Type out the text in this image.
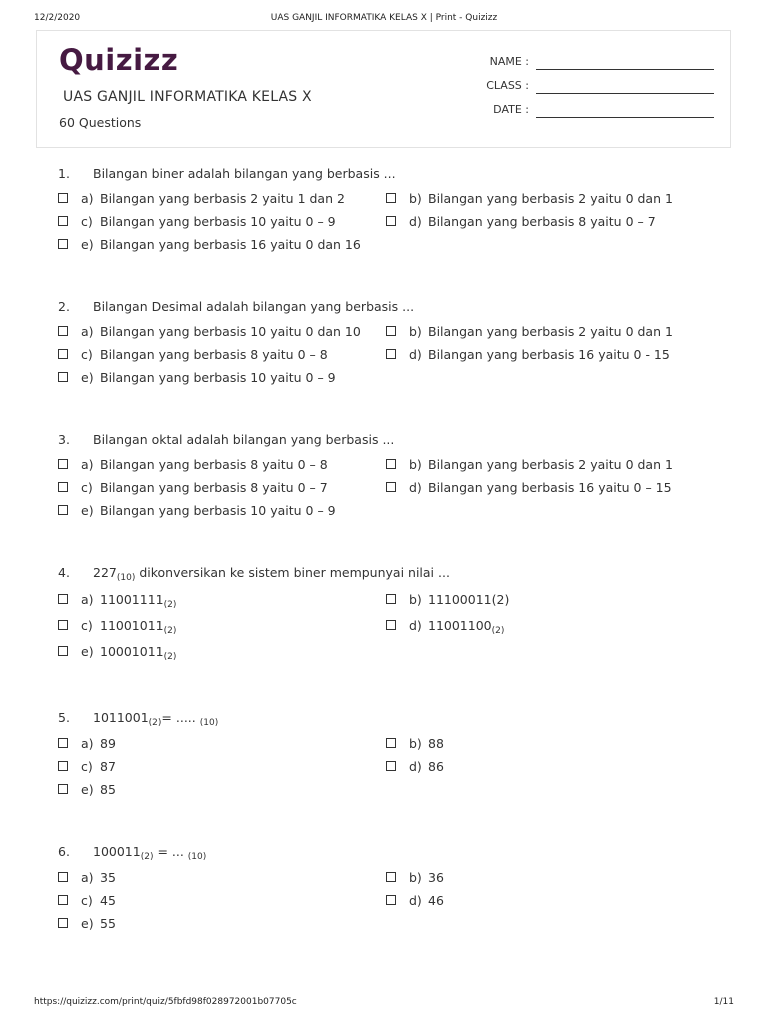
12/2/2020	UAS GANJIL INFORMATIKA KELAS X | Print - Quizizz
Quizizz
UAS GANJIL INFORMATIKA KELAS X
60 Questions
NAME :
CLASS :
DATE :
1. Bilangan biner adalah bilangan yang berbasis ...
a) Bilangan yang berbasis 2 yaitu 1 dan 2	b) Bilangan yang berbasis 2 yaitu 0 dan 1
c) Bilangan yang berbasis 10 yaitu 0 – 9	d) Bilangan yang berbasis 8 yaitu 0 – 7
e) Bilangan yang berbasis 16 yaitu 0 dan 16
2. Bilangan Desimal adalah bilangan yang berbasis ...
a) Bilangan yang berbasis 10 yaitu 0 dan 10	b) Bilangan yang berbasis 2 yaitu 0 dan 1
c) Bilangan yang berbasis 8 yaitu 0 – 8	d) Bilangan yang berbasis 16 yaitu 0 - 15
e) Bilangan yang berbasis 10 yaitu 0 – 9
3. Bilangan oktal adalah bilangan yang berbasis ...
a) Bilangan yang berbasis 8 yaitu 0 – 8	b) Bilangan yang berbasis 2 yaitu 0 dan 1
c) Bilangan yang berbasis 8 yaitu 0 – 7	d) Bilangan yang berbasis 16 yaitu 0 – 15
e) Bilangan yang berbasis 10 yaitu 0 – 9
4. $227_{(10)}$ dikonversikan ke sistem biner mempunyai nilai ...
a) $11001111_{(2)}$	b) 11100011(2)
c) $11001011_{(2)}$	d) $11001100_{(2)}$
e) $10001011_{(2)}$
5. $1011001_{(2)}=$ ..... $_{(10)}$
a) 89	b) 88
c) 87	d) 86
e) 85
6. $100011_{(2)}$ = ... $_{(10)}$
a) 35	b) 36
c) 45	d) 46
e) 55
https://quizizz.com/print/quiz/5fbfd98f028972001b07705c	1/11
